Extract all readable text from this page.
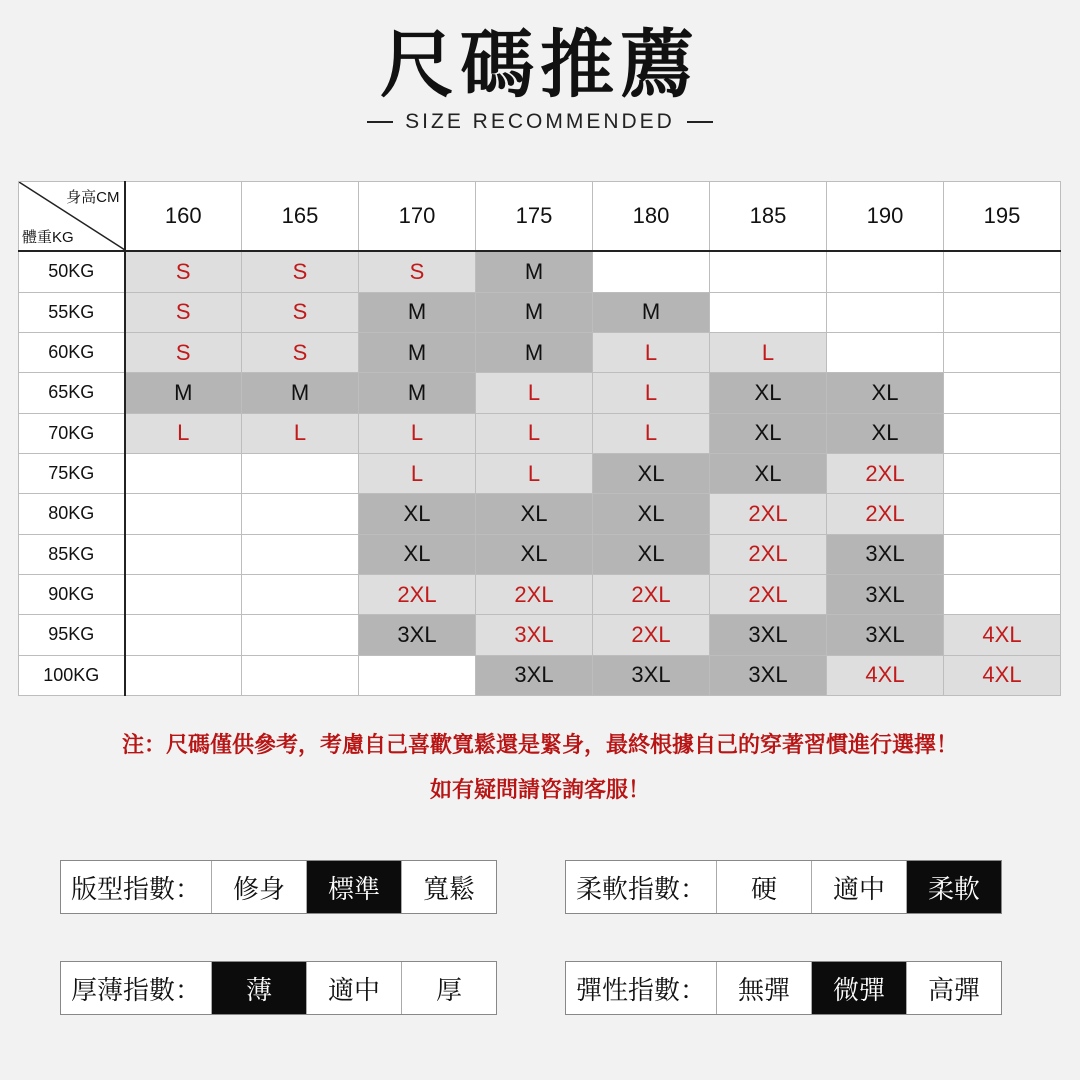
尺碼推薦
SIZE RECOMMENDED
身高CM
體重KG	160	165	170	175	180	185	190	195
50KG	S	S	S	M				
55KG	S	S	M	M	M			
60KG	S	S	M	M	L	L		
65KG	M	M	M	L	L	XL	XL	
70KG	L	L	L	L	L	XL	XL	
75KG			L	L	XL	XL	2XL	
80KG			XL	XL	XL	2XL	2XL	
85KG			XL	XL	XL	2XL	3XL	
90KG			2XL	2XL	2XL	2XL	3XL	
95KG			3XL	3XL	2XL	3XL	3XL	4XL
100KG				3XL	3XL	3XL	4XL	4XL
注：尺碼僅供參考，考慮自己喜歡寬鬆還是緊身，最終根據自己的穿著習慣進行選擇！
如有疑問請咨詢客服！
版型指數：	修身	標準	寬鬆	柔軟指數：	硬	適中	柔軟
厚薄指數：	薄	適中	厚	彈性指數：	無彈	微彈	高彈
